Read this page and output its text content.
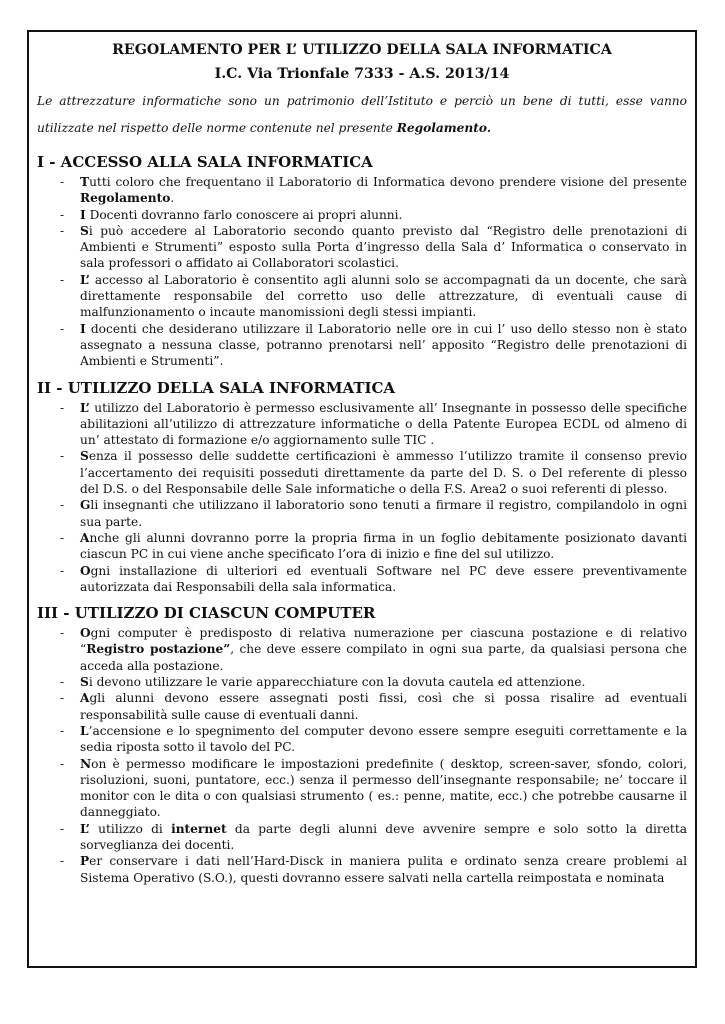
REGOLAMENTO PER L’ UTILIZZO DELLA SALA INFORMATICA
I.C. Via Trionfale 7333 - A.S. 2013/14

Le attrezzature informatiche sono un patrimonio dell’Istituto e perciò un bene di tutti, esse vanno utilizzate nel rispetto delle norme contenute nel presente Regolamento.

I - ACCESSO ALLA SALA INFORMATICA
- Tutti coloro che frequentano il Laboratorio di Informatica devono prendere visione del presente Regolamento.
- I Docenti dovranno farlo conoscere ai propri alunni.
- Si può accedere al Laboratorio secondo quanto previsto dal “Registro delle prenotazioni di Ambienti e Strumenti” esposto sulla Porta d’ingresso della Sala d’ Informatica o conservato in sala professori o affidato ai Collaboratori scolastici.
- L’ accesso al Laboratorio è consentito agli alunni solo se accompagnati da un docente, che sarà direttamente responsabile del corretto uso delle attrezzature, di eventuali cause di malfunzionamento o incaute manomissioni degli stessi impianti.
- I docenti che desiderano utilizzare il Laboratorio nelle ore in cui l’ uso dello stesso non è stato assegnato a nessuna classe, potranno prenotarsi nell’ apposito “Registro delle prenotazioni di Ambienti e Strumenti”.
II - UTILIZZO DELLA SALA INFORMATICA
- L’ utilizzo del Laboratorio è permesso esclusivamente all’ Insegnante in possesso delle specifiche abilitazioni all’utilizzo di attrezzature informatiche o della Patente Europea ECDL od almeno di un’ attestato di formazione e/o aggiornamento sulle TIC .
- Senza il possesso delle suddette certificazioni è ammesso l’utilizzo tramite il consenso previo l’accertamento dei requisiti posseduti direttamente da parte del D. S. o Del referente di plesso del D.S. o del Responsabile delle Sale informatiche o della F.S. Area2 o suoi referenti di plesso.
- Gli insegnanti che utilizzano il laboratorio sono tenuti a firmare il registro, compilandolo in ogni sua parte.
- Anche gli alunni dovranno porre la propria firma in un foglio debitamente posizionato davanti ciascun PC in cui viene anche specificato l’ora di inizio e fine del sul utilizzo.
- Ogni installazione di ulteriori ed eventuali Software nel PC deve essere preventivamente autorizzata dai Responsabili della sala informatica.
III - UTILIZZO DI CIASCUN COMPUTER
- Ogni computer è predisposto di relativa numerazione per ciascuna postazione e di relativo “Registro postazione”, che deve essere compilato in ogni sua parte, da qualsiasi persona che acceda alla postazione.
- Si devono utilizzare le varie apparecchiature con la dovuta cautela ed attenzione.
- Agli alunni devono essere assegnati posti fissi, così che si possa risalire ad eventuali responsabilità sulle cause di eventuali danni.
- L’accensione e lo spegnimento del computer devono essere sempre eseguiti correttamente e la sedia riposta sotto il tavolo del PC.
- Non è permesso modificare le impostazioni predefinite ( desktop, screen-saver, sfondo, colori, risoluzioni, suoni, puntatore, ecc.) senza il permesso dell’insegnante responsabile; ne’ toccare il monitor con le dita o con qualsiasi strumento ( es.: penne, matite, ecc.) che potrebbe causarne il danneggiato.
- L’ utilizzo di internet da parte degli alunni deve avvenire sempre e solo sotto la diretta sorveglianza dei docenti.
- Per conservare i dati nell’Hard-Disck in maniera pulita e ordinato senza creare problemi al Sistema Operativo (S.O.), questi dovranno essere salvati nella cartella reimpostata e nominata
